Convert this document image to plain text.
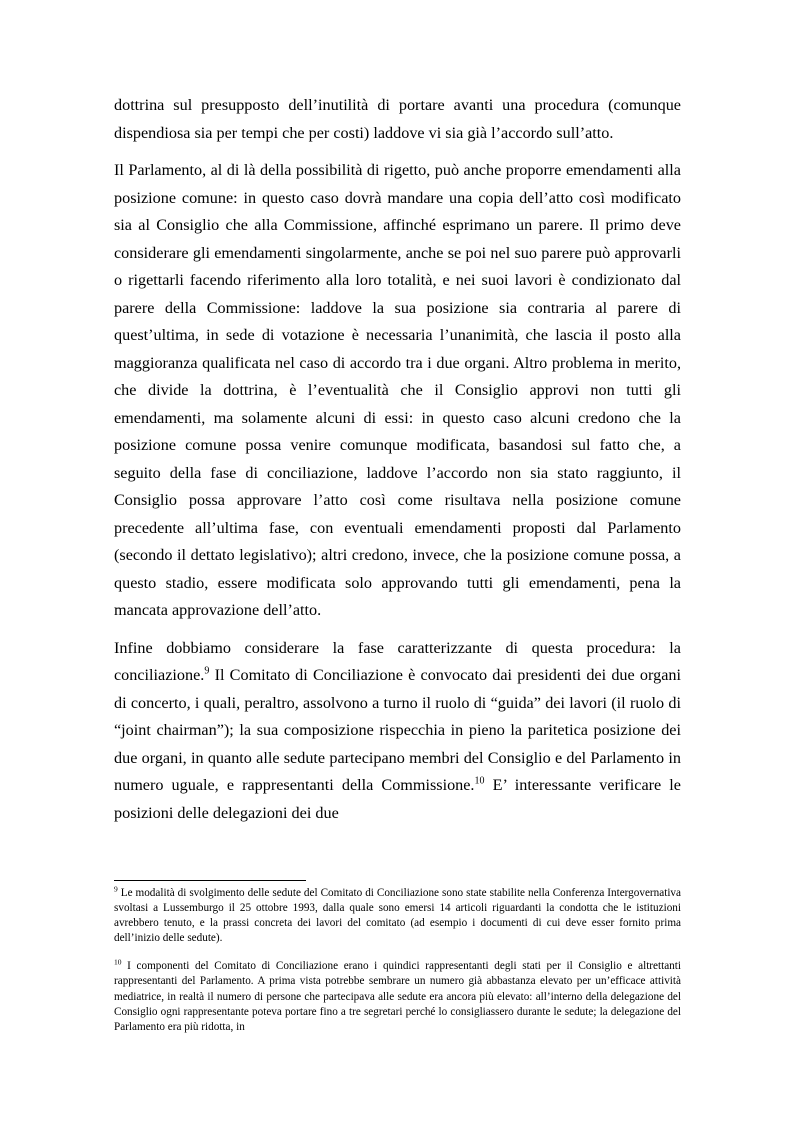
dottrina sul presupposto dell’inutilità di portare avanti una procedura (comunque dispendiosa sia per tempi che per costi) laddove vi sia già l’accordo sull’atto.

Il Parlamento, al di là della possibilità di rigetto, può anche proporre emendamenti alla posizione comune: in questo caso dovrà mandare una copia dell’atto così modificato sia al Consiglio che alla Commissione, affinché esprimano un parere. Il primo deve considerare gli emendamenti singolarmente, anche se poi nel suo parere può approvarli o rigettarli facendo riferimento alla loro totalità, e nei suoi lavori è condizionato dal parere della Commissione: laddove la sua posizione sia contraria al parere di quest’ultima, in sede di votazione è necessaria l’unanimità, che lascia il posto alla maggioranza qualificata nel caso di accordo tra i due organi. Altro problema in merito, che divide la dottrina, è l’eventualità che il Consiglio approvi non tutti gli emendamenti, ma solamente alcuni di essi: in questo caso alcuni credono che la posizione comune possa venire comunque modificata, basandosi sul fatto che, a seguito della fase di conciliazione, laddove l’accordo non sia stato raggiunto, il Consiglio possa approvare l’atto così come risultava nella posizione comune precedente all’ultima fase, con eventuali emendamenti proposti dal Parlamento (secondo il dettato legislativo); altri credono, invece, che la posizione comune possa, a questo stadio, essere modificata solo approvando tutti gli emendamenti, pena la mancata approvazione dell’atto.

Infine dobbiamo considerare la fase caratterizzante di questa procedura: la conciliazione.$^9$ Il Comitato di Conciliazione è convocato dai presidenti dei due organi di concerto, i quali, peraltro, assolvono a turno il ruolo di “guida” dei lavori (il ruolo di “joint chairman”); la sua composizione rispecchia in pieno la paritetica posizione dei due organi, in quanto alle sedute partecipano membri del Consiglio e del Parlamento in numero uguale, e rappresentanti della Commissione.$^{10}$ E’ interessante verificare le posizioni delle delegazioni dei due

$^9$ Le modalità di svolgimento delle sedute del Comitato di Conciliazione sono state stabilite nella Conferenza Intergovernativa svoltasi a Lussemburgo il 25 ottobre 1993, dalla quale sono emersi 14 articoli riguardanti la condotta che le istituzioni avrebbero tenuto, e la prassi concreta dei lavori del comitato (ad esempio i documenti di cui deve esser fornito prima dell’inizio delle sedute).

$^{10}$ I componenti del Comitato di Conciliazione erano i quindici rappresentanti degli stati per il Consiglio e altrettanti rappresentanti del Parlamento. A prima vista potrebbe sembrare un numero già abbastanza elevato per un’efficace attività mediatrice, in realtà il numero di persone che partecipava alle sedute era ancora più elevato: all’interno della delegazione del Consiglio ogni rappresentante poteva portare fino a tre segretari perché lo consigliassero durante le sedute; la delegazione del Parlamento era più ridotta, in
